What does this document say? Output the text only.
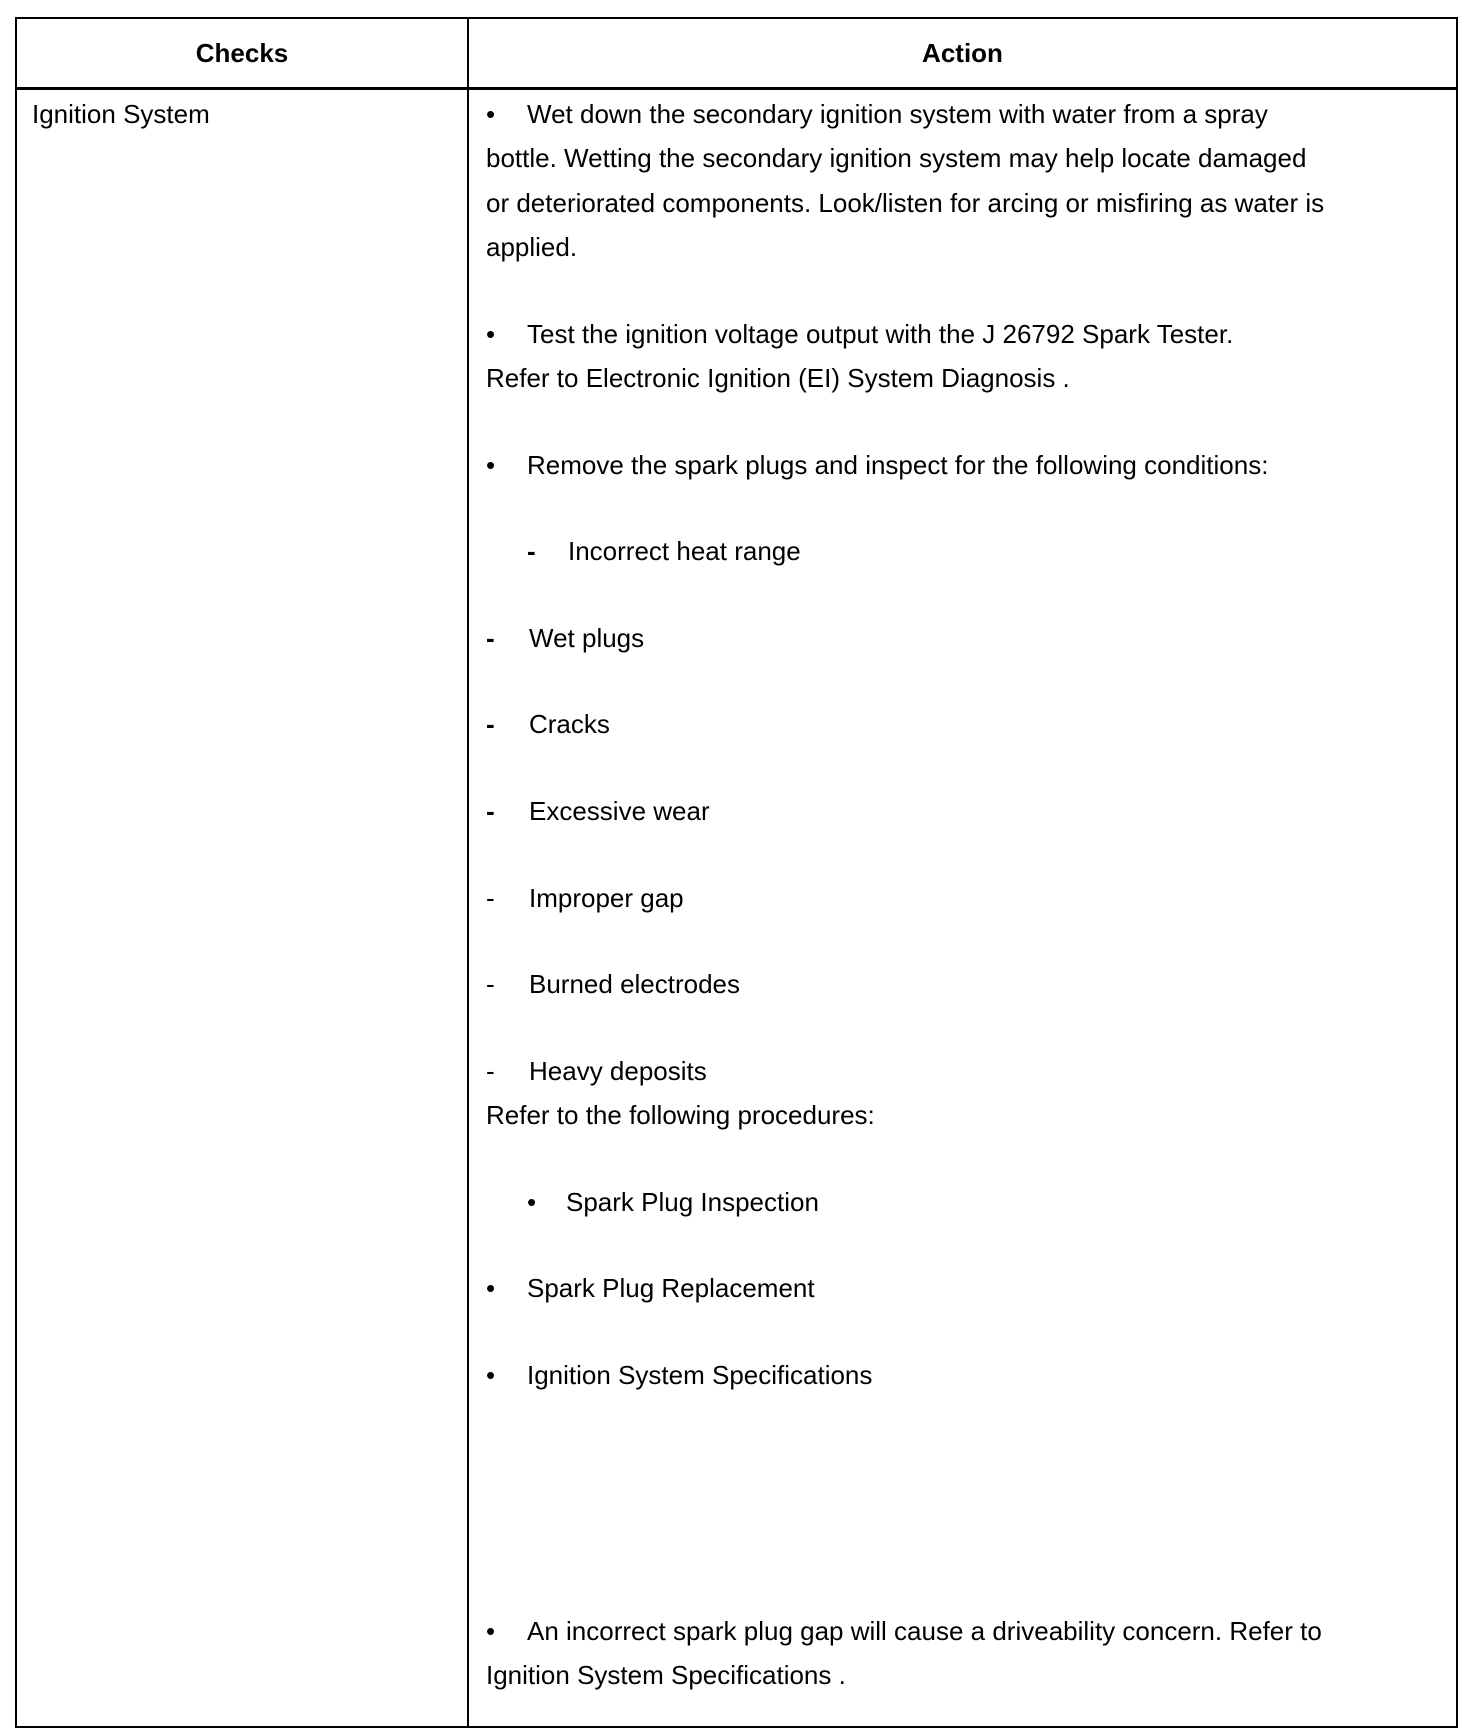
Checks	Action
Ignition System	• Wet down the secondary ignition system with water from a spray
bottle. Wetting the secondary ignition system may help locate damaged
or deteriorated components. Look/listen for arcing or misfiring as water is
applied.
• Test the ignition voltage output with the J 26792 Spark Tester.
Refer to Electronic Ignition (EI) System Diagnosis .
• Remove the spark plugs and inspect for the following conditions:
- Incorrect heat range
- Wet plugs
- Cracks
- Excessive wear
- Improper gap
- Burned electrodes
- Heavy deposits
Refer to the following procedures:
• Spark Plug Inspection
• Spark Plug Replacement
• Ignition System Specifications
• An incorrect spark plug gap will cause a driveability concern. Refer to
Ignition System Specifications .
